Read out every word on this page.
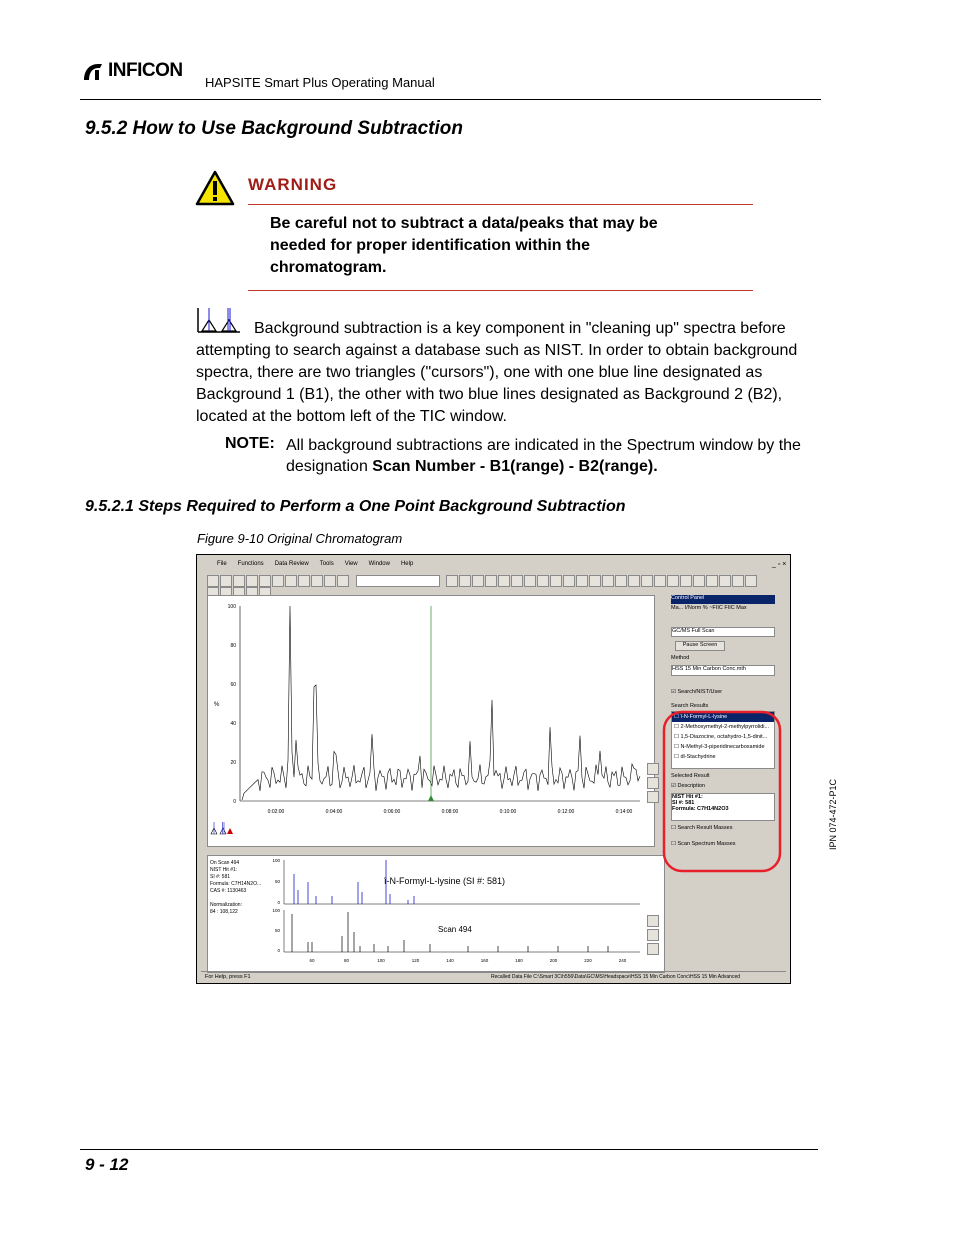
INFICON
HAPSITE Smart Plus Operating Manual
9.5.2 How to Use Background Subtraction
WARNING
Be careful not to subtract a data/peaks that may be needed for proper identification within the chromatogram.
Background subtraction is a key component in "cleaning up" spectra before attempting to search against a database such as NIST. In order to obtain background spectra, there are two triangles ("cursors"), one with one blue line designated as Background 1 (B1), the other with two blue lines designated as Background 2 (B2), located at the bottom left of the TIC window.
NOTE: All background subtractions are indicated in the Spectrum window by the designation Scan Number - B1(range) - B2(range).
9.5.2.1 Steps Required to Perform a One Point Background Subtraction
Figure 9-10 Original Chromatogram
File Functions Data Review Tools View Window Help	_ ▫ ×
100
80
60
40
20
0
%
0:02:00	0:04:00	0:06:00	0:08:00	0:10:00	0:12:00	0:14:00
On Scan 494
NIST Hit #1:
SI #: 581
Formula: C7H14N2O...
CAS #: 1130463
Normalization:
84 : 108,122
100
50
0
100
50
0
60	80	100	120	140	160	180	200	220	240
î-N-Formyl-L-lysine (SI #: 581)
Scan 494
Control Panel
Ma... I/Norm % ~FIIC FIIC Max
GC/MS Full Scan
Pause Screen
Method
HSS 15 Min Carbon Conc.mth
☑ Search/NIST/User
Search Results
☐ î-N-Formyl-L-lysine
☐ 2-Methoxymethyl-2-methylpyrrolidi...
☐ 1,5-Diazocine, octahydro-1,5-dinit...
☐ N-Methyl-3-piperidinecarboxamide
☐ dl-Stachydrine
Selected Result
☑ Description
NIST Hit #1:
SI #: 581
Formula: C7H14N2O3
☐ Search Result Masses
☐ Scan Spectrum Masses
For Help, press F1	Recalled Data File C:\Smart 3C\h556\Data\GC\MS\Headspace\HSS 15 Min Carbon Conc\HSS 15 Min Advanced
IPN 074-472-P1C
9 - 12
